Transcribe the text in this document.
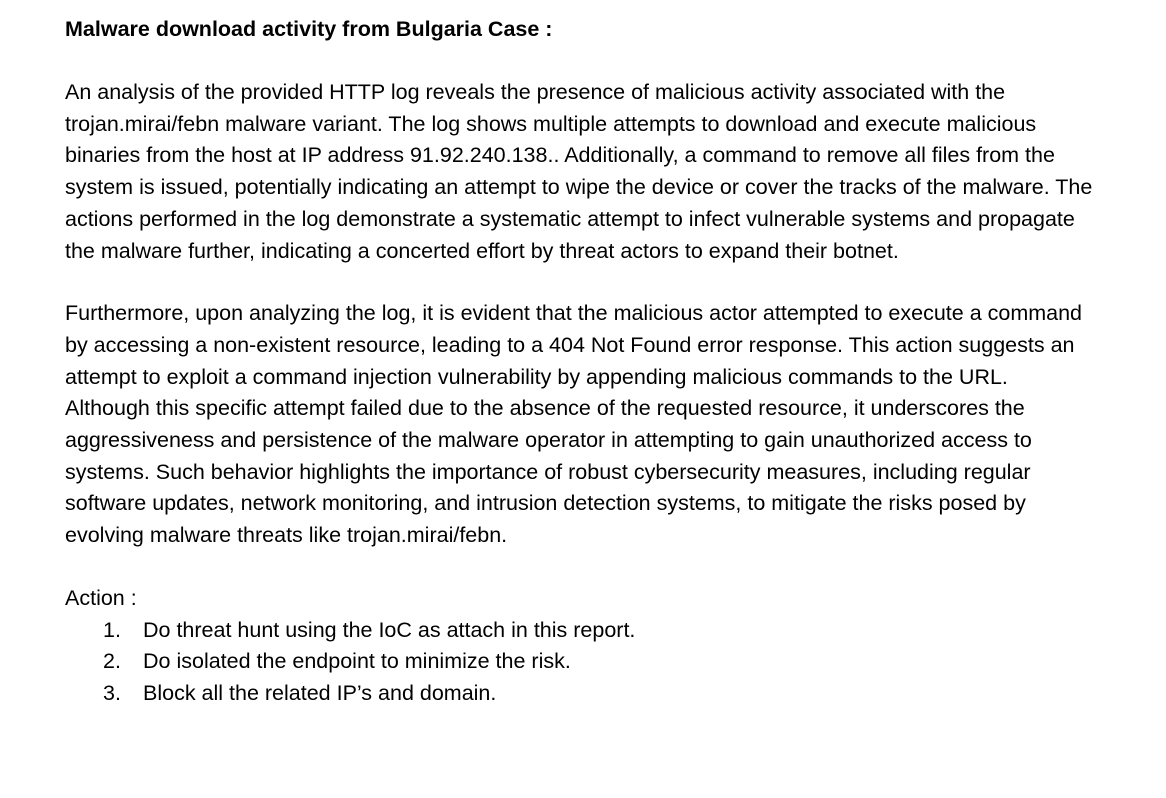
Malware download activity from Bulgaria Case :

An analysis of the provided HTTP log reveals the presence of malicious activity associated with the trojan.mirai/febn malware variant. The log shows multiple attempts to download and execute malicious binaries from the host at IP address 91.92.240.138.. Additionally, a command to remove all files from the system is issued, potentially indicating an attempt to wipe the device or cover the tracks of the malware. The actions performed in the log demonstrate a systematic attempt to infect vulnerable systems and propagate the malware further, indicating a concerted effort by threat actors to expand their botnet.

Furthermore, upon analyzing the log, it is evident that the malicious actor attempted to execute a command by accessing a non-existent resource, leading to a 404 Not Found error response. This action suggests an attempt to exploit a command injection vulnerability by appending malicious commands to the URL. Although this specific attempt failed due to the absence of the requested resource, it underscores the aggressiveness and persistence of the malware operator in attempting to gain unauthorized access to systems. Such behavior highlights the importance of robust cybersecurity measures, including regular software updates, network monitoring, and intrusion detection systems, to mitigate the risks posed by evolving malware threats like trojan.mirai/febn.

Action :
1.	Do threat hunt using the IoC as attach in this report.
2.	Do isolated the endpoint to minimize the risk.
3.	Block all the related IP’s and domain.
